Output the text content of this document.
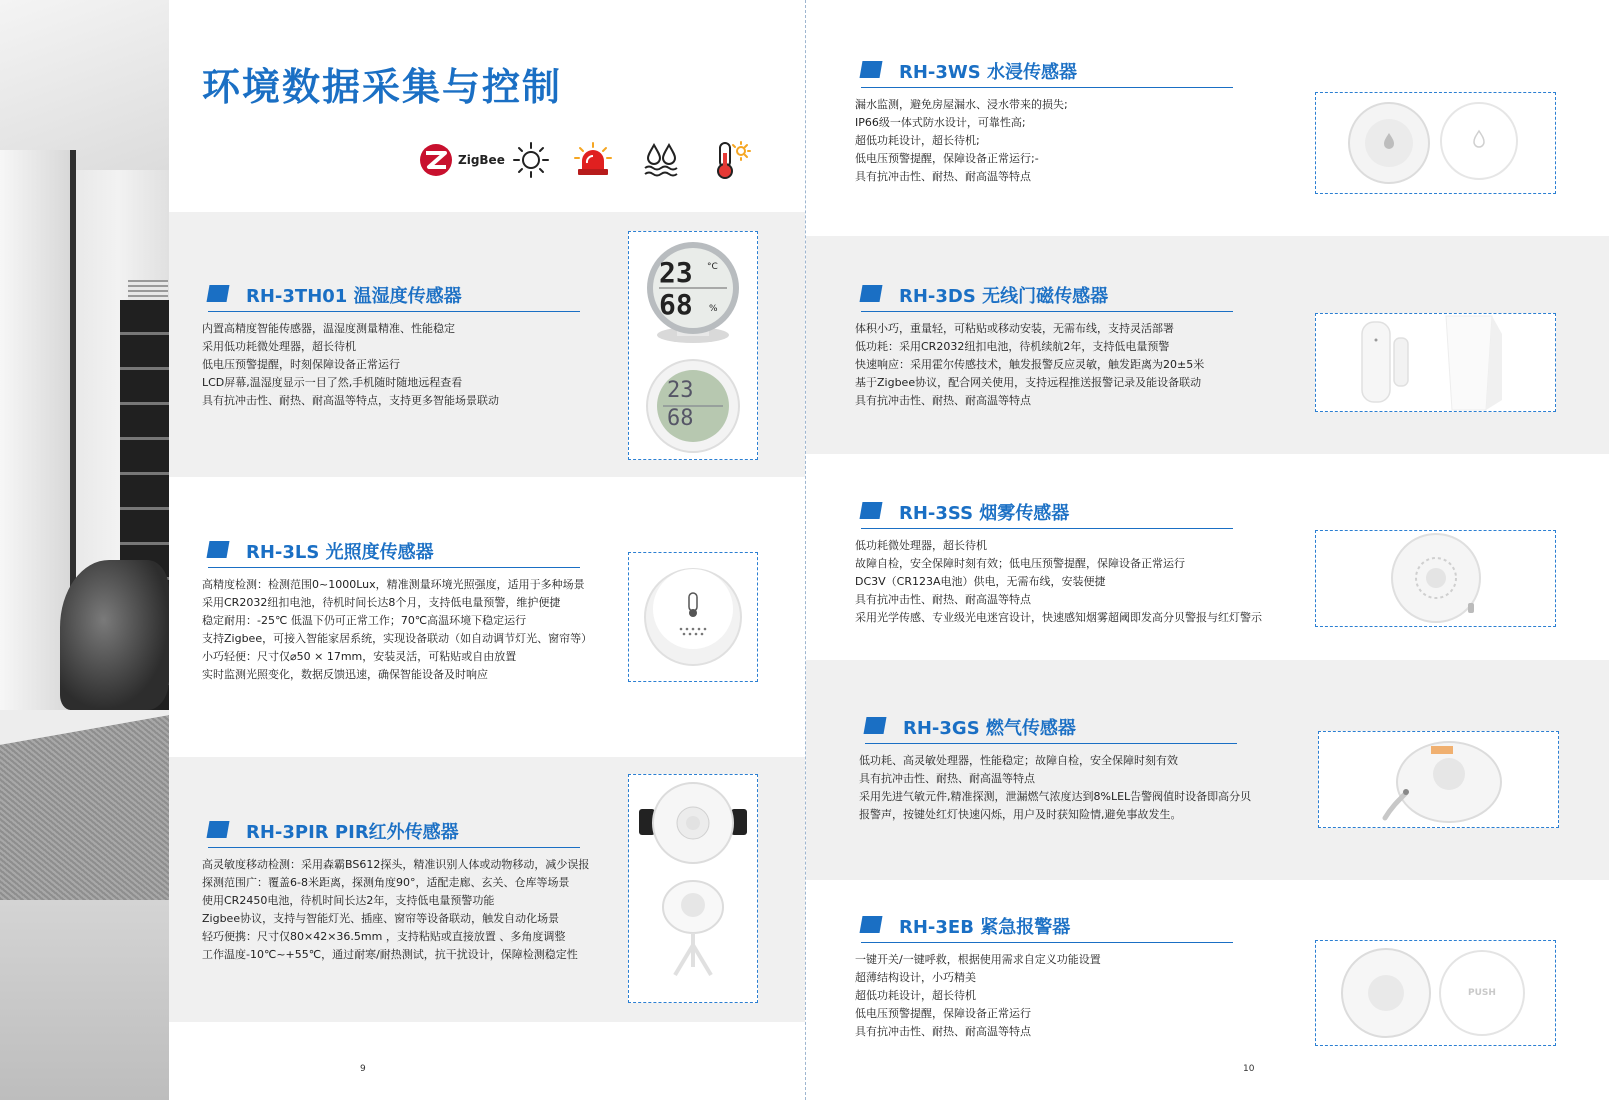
环境数据采集与控制
ZigBee
RH-3TH01 温湿度传感器
内置高精度智能传感器，温湿度测量精准、性能稳定
采用低功耗微处理器，超长待机
低电压预警提醒，时刻保障设备正常运行
LCD屏幕,温湿度显示一目了然,手机随时随地远程查看
具有抗冲击性、耐热、耐高温等特点，支持更多智能场景联动
23 °C
68 %
23
68
RH-3LS 光照度传感器
高精度检测：检测范围0~1000Lux，精准测量环境光照强度，适用于多种场景
采用CR2032纽扣电池，待机时间长达8个月，支持低电量预警，维护便捷
稳定耐用：-25℃ 低温下仍可正常工作；70℃高温环境下稳定运行
支持Zigbee，可接入智能家居系统，实现设备联动（如自动调节灯光、窗帘等）
小巧轻便：尺寸仅⌀50 × 17mm，安装灵活，可粘贴或自由放置
实时监测光照变化，数据反馈迅速，确保智能设备及时响应
RH-3PIR PIR红外传感器
高灵敏度移动检测：采用森霸BS612探头，精准识别人体或动物移动，减少误报
探测范围广：覆盖6-8米距离，探测角度90°，适配走廊、玄关、仓库等场景
使用CR2450电池，待机时间长达2年，支持低电量预警功能
Zigbee协议，支持与智能灯光、插座、窗帘等设备联动，触发自动化场景
轻巧便携：尺寸仅80×42×36.5mm ，支持粘贴或直接放置 、多角度调整
工作温度-10℃~+55℃，通过耐寒/耐热测试，抗干扰设计，保障检测稳定性
9
RH-3WS 水浸传感器
漏水监测，避免房屋漏水、浸水带来的损失;
IP66级一体式防水设计，可靠性高;
超低功耗设计，超长待机;
低电压预警提醒，保障设备正常运行;-
具有抗冲击性、耐热、耐高温等特点
RH-3DS 无线门磁传感器
体积小巧，重量轻，可粘贴或移动安装，无需布线，支持灵活部署
低功耗：采用CR2032纽扣电池，待机续航2年，支持低电量预警
快速响应：采用霍尔传感技术，触发报警反应灵敏，触发距离为20±5米
基于Zigbee协议，配合网关使用，支持远程推送报警记录及能设备联动
具有抗冲击性、耐热、耐高温等特点
RH-3SS 烟雾传感器
低功耗微处理器，超长待机
故障自检，安全保障时刻有效；低电压预警提醒，保障设备正常运行
DC3V（CR123A电池）供电，无需布线，安装便捷
具有抗冲击性、耐热、耐高温等特点
采用光学传感、专业级光电迷宫设计，快速感知烟雾超阈即发高分贝警报与红灯警示
RH-3GS 燃气传感器
低功耗、高灵敏处理器，性能稳定；故障自检，安全保障时刻有效
具有抗冲击性、耐热、耐高温等特点
采用先进气敏元件,精准探测，泄漏燃气浓度达到8%LEL告警阀值时设备即高分贝
报警声，按键处红灯快速闪烁，用户及时获知险情,避免事故发生。
RH-3EB 紧急报警器
一键开关/一键呼救，根据使用需求自定义功能设置
超薄结构设计，小巧精美
超低功耗设计，超长待机
低电压预警提醒，保障设备正常运行
具有抗冲击性、耐热、耐高温等特点
PUSH
10
